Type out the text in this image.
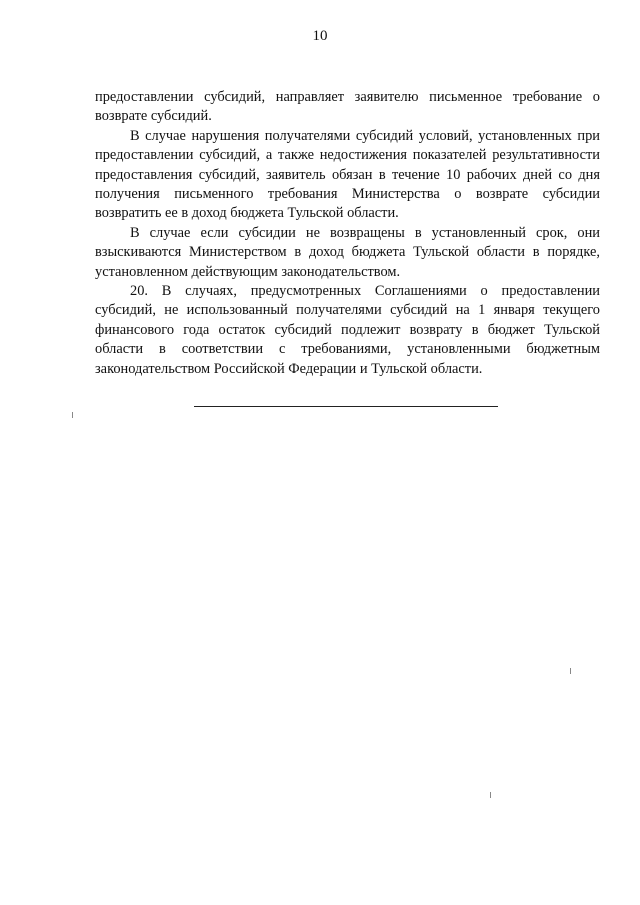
10

предоставлении субсидий, направляет заявителю письменное требование о возврате субсидий.

В случае нарушения получателями субсидий условий, установленных при предоставлении субсидий, а также недостижения показателей результативности предоставления субсидий, заявитель обязан в течение 10 рабочих дней со дня получения письменного требования Министерства о возврате субсидии возвратить ее в доход бюджета Тульской области.

В случае если субсидии не возвращены в установленный срок, они взыскиваются Министерством в доход бюджета Тульской области в порядке, установленном действующим законодательством.

20. В случаях, предусмотренных Соглашениями о предоставлении субсидий, не использованный получателями субсидий на 1 января текущего финансового года остаток субсидий подлежит возврату в бюджет Тульской области в соответствии с требованиями, установленными бюджетным законодательством Российской Федерации и Тульской области.
